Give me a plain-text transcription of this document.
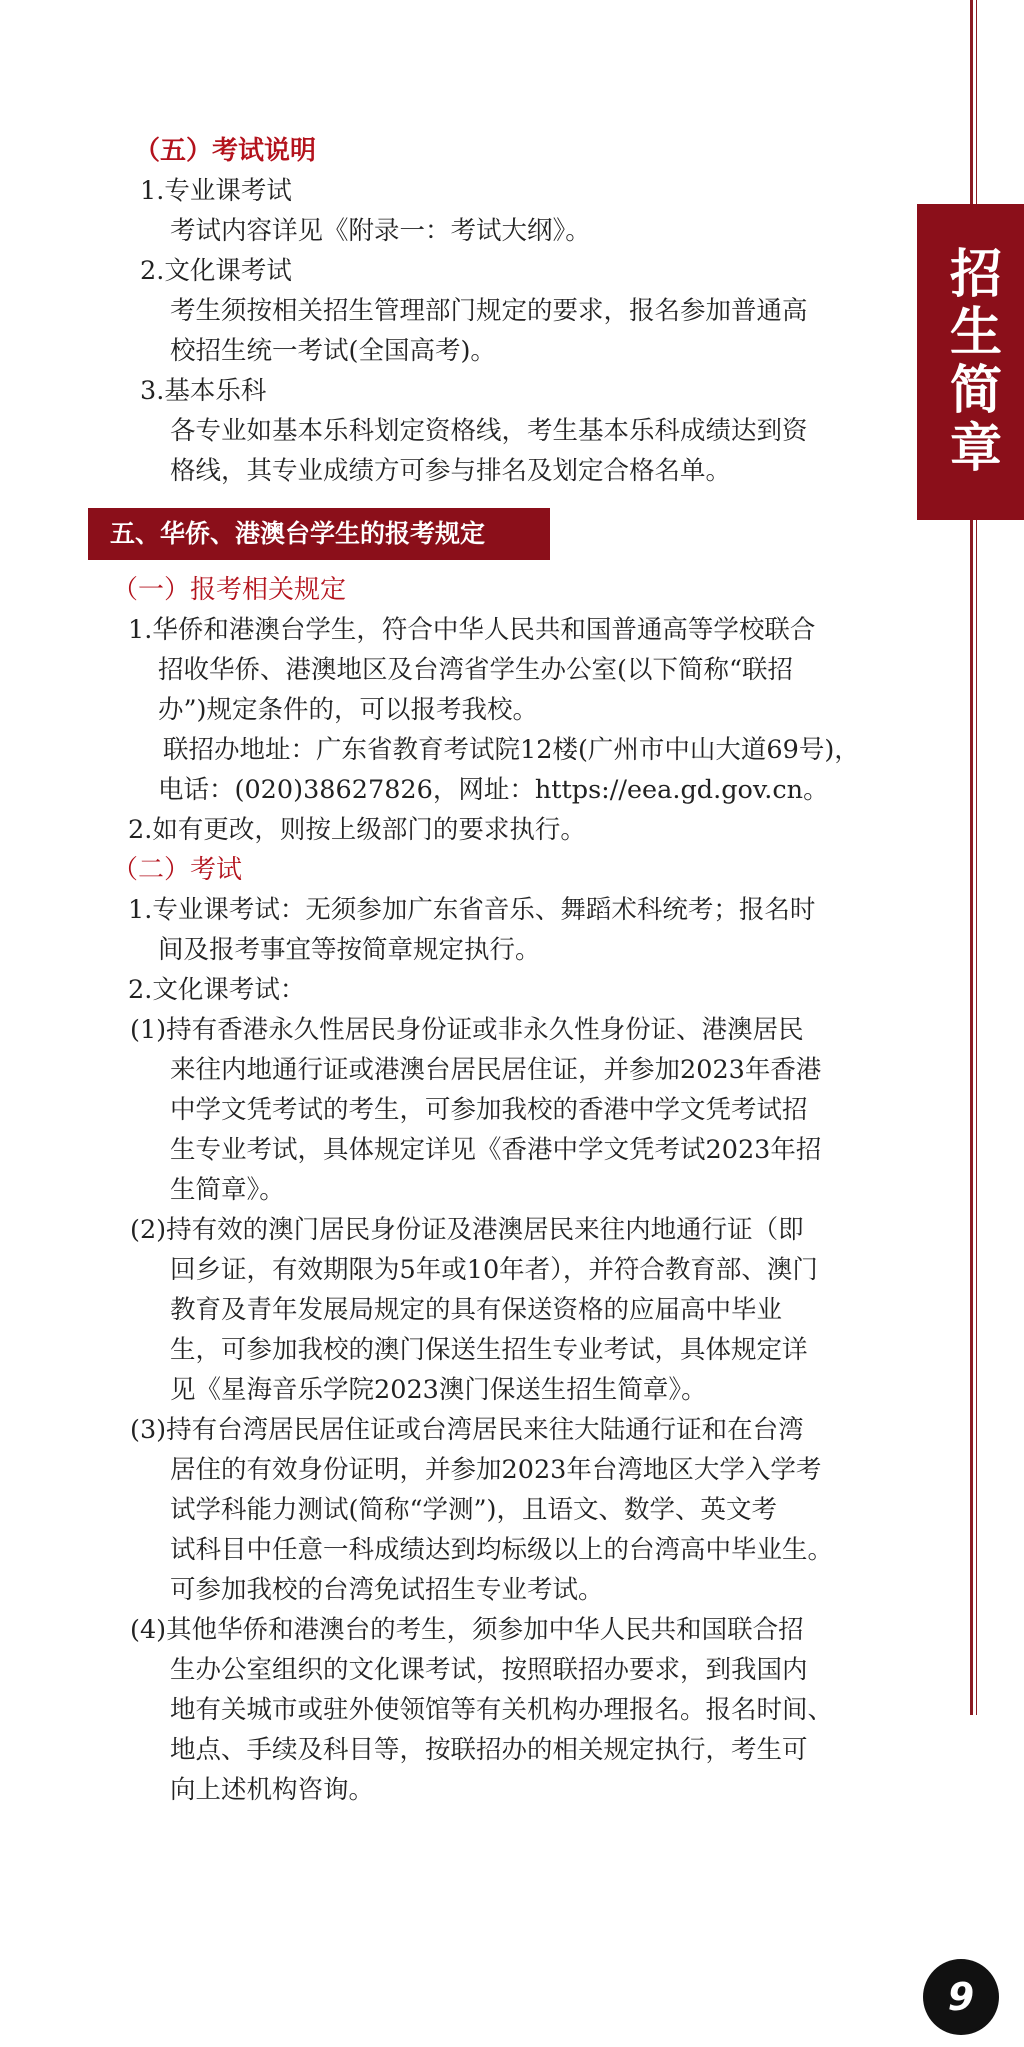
招生简章
（五）考试说明
1.专业课考试
考试内容详见《附录一：考试大纲》。
2.文化课考试
考生须按相关招生管理部门规定的要求，报名参加普通高
校招生统一考试(全国高考)。
3.基本乐科
各专业如基本乐科划定资格线，考生基本乐科成绩达到资
格线，其专业成绩方可参与排名及划定合格名单。
五、华侨、港澳台学生的报考规定
（一）报考相关规定
1.华侨和港澳台学生，符合中华人民共和国普通高等学校联合
招收华侨、港澳地区及台湾省学生办公室(以下简称“联招
办”)规定条件的，可以报考我校。
联招办地址：广东省教育考试院12楼(广州市中山大道69号)，
电话：(020)38627826，网址：https://eea.gd.gov.cn。
2.如有更改，则按上级部门的要求执行。
（二）考试
1.专业课考试：无须参加广东省音乐、舞蹈术科统考；报名时
间及报考事宜等按简章规定执行。
2.文化课考试：
(1)持有香港永久性居民身份证或非永久性身份证、港澳居民
来往内地通行证或港澳台居民居住证，并参加2023年香港
中学文凭考试的考生，可参加我校的香港中学文凭考试招
生专业考试，具体规定详见《香港中学文凭考试2023年招
生简章》。
(2)持有效的澳门居民身份证及港澳居民来往内地通行证（即
回乡证，有效期限为5年或10年者），并符合教育部、澳门
教育及青年发展局规定的具有保送资格的应届高中毕业
生，可参加我校的澳门保送生招生专业考试，具体规定详
见《星海音乐学院2023澳门保送生招生简章》。
(3)持有台湾居民居住证或台湾居民来往大陆通行证和在台湾
居住的有效身份证明，并参加2023年台湾地区大学入学考
试学科能力测试(简称“学测”)，且语文、数学、英文考
试科目中任意一科成绩达到均标级以上的台湾高中毕业生。
可参加我校的台湾免试招生专业考试。
(4)其他华侨和港澳台的考生，须参加中华人民共和国联合招
生办公室组织的文化课考试，按照联招办要求，到我国内
地有关城市或驻外使领馆等有关机构办理报名。报名时间、
地点、手续及科目等，按联招办的相关规定执行，考生可
向上述机构咨询。
9
